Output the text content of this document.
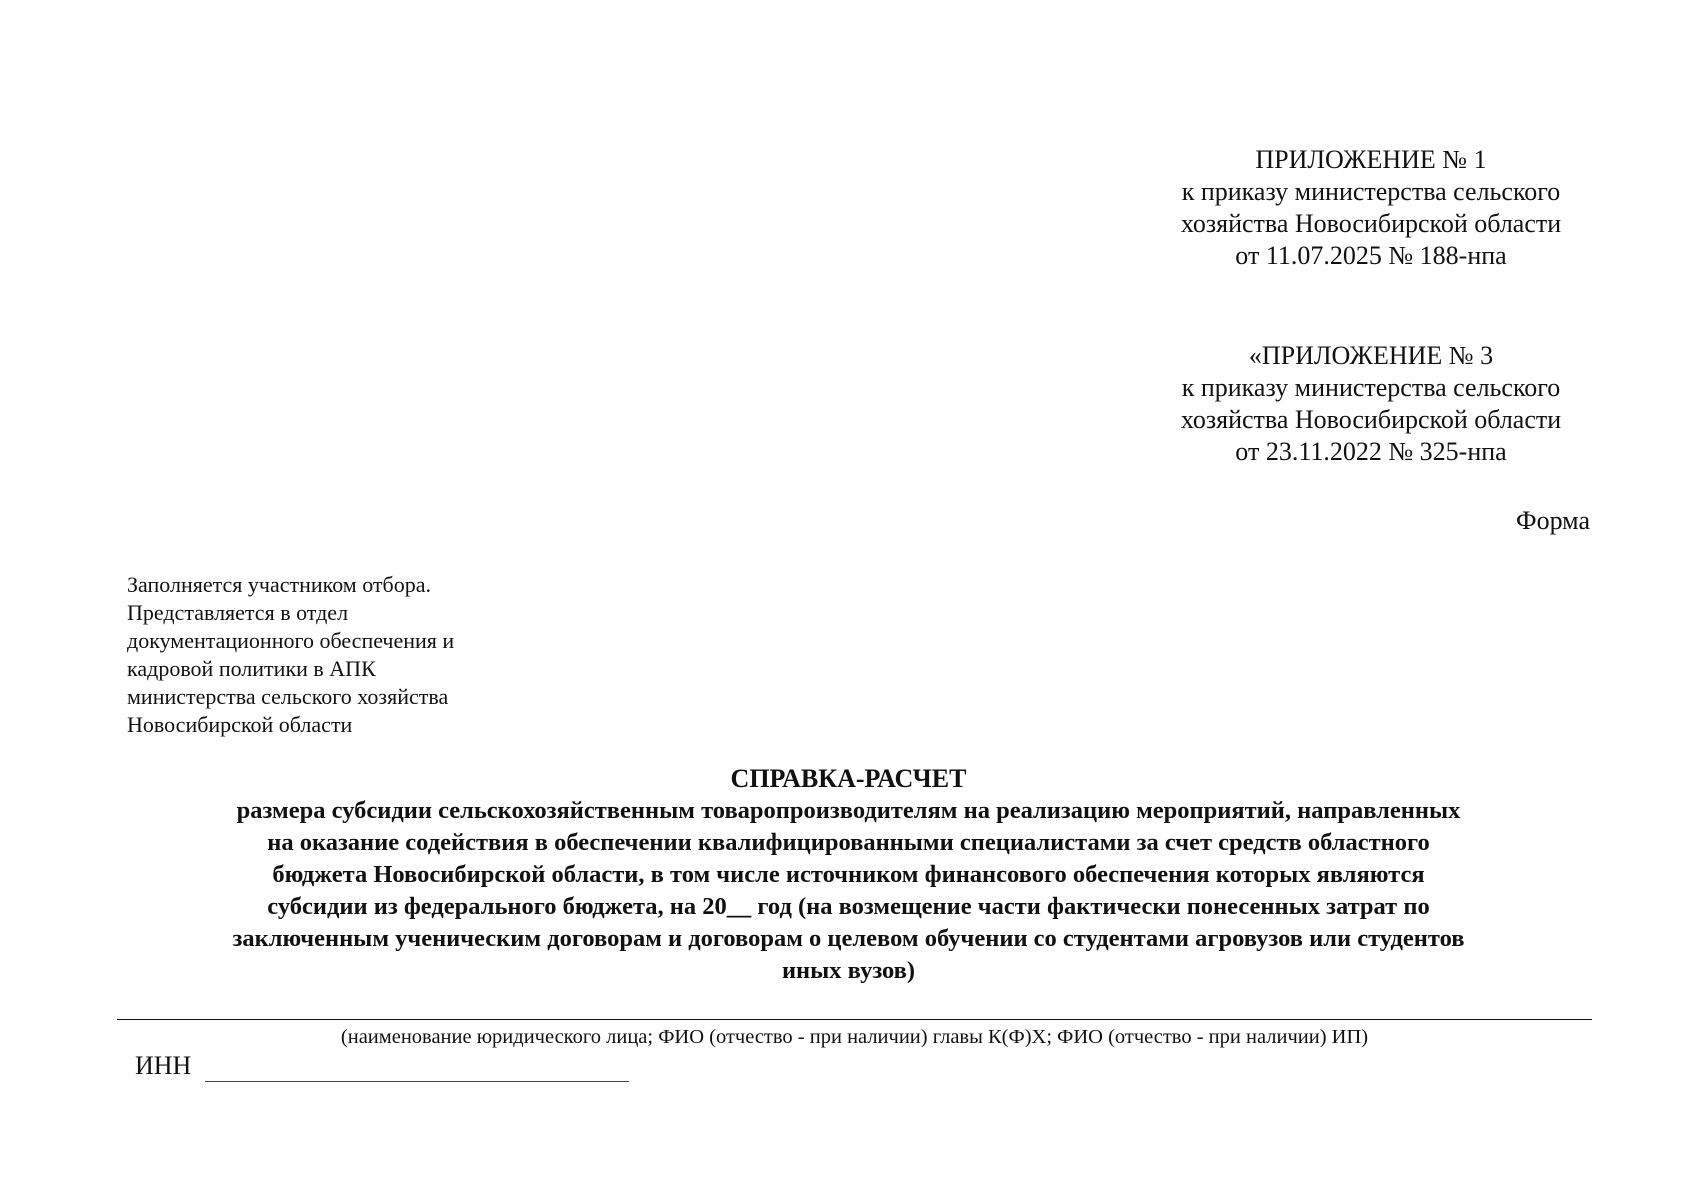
ПРИЛОЖЕНИЕ № 1
к приказу министерства сельского
хозяйства Новосибирской области
от 11.07.2025 № 188-нпа
«ПРИЛОЖЕНИЕ № 3
к приказу министерства сельского
хозяйства Новосибирской области
от 23.11.2022 № 325-нпа
Форма
Заполняется участником отбора.
Представляется в отдел
документационного обеспечения и
кадровой политики в АПК
министерства сельского хозяйства
Новосибирской области
СПРАВКА-РАСЧЕТ
размера субсидии сельскохозяйственным товаропроизводителям на реализацию мероприятий, направленных
на оказание содействия в обеспечении квалифицированными специалистами за счет средств областного
бюджета Новосибирской области, в том числе источником финансового обеспечения которых являются
субсидии из федерального бюджета, на 20__ год (на возмещение части фактически понесенных затрат по
заключенным ученическим договорам и договорам о целевом обучении со студентами агровузов или студентов
иных вузов)
(наименование юридического лица; ФИО (отчество - при наличии) главы К(Ф)Х; ФИО (отчество - при наличии) ИП)
ИНН
